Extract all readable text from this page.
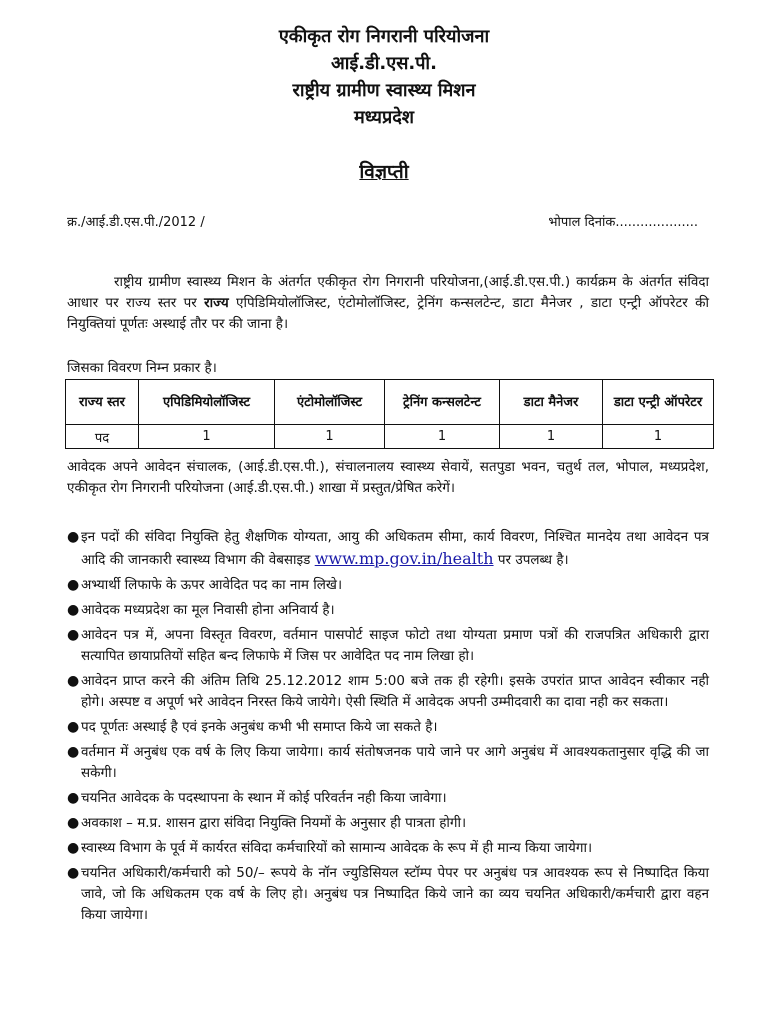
एकीकृत रोग निगरानी परियोजना
आई.डी.एस.पी.
राष्ट्रीय ग्रामीण स्वास्थ्य मिशन
मध्यप्रदेश
विज्ञप्ती
क्र./आई.डी.एस.पी./2012 /	भोपाल दिनांक....................
राष्ट्रीय ग्रामीण स्वास्थ्य मिशन के अंतर्गत एकीकृत रोग निगरानी परियोजना,(आई.डी.एस.पी.) कार्यक्रम के अंतर्गत संविदा आधार पर राज्य स्तर पर राज्य एपिडिमियोलॉजिस्ट, एंटोमोलॉजिस्ट, ट्रेनिंग कन्सलटेन्ट, डाटा मैनेजर , डाटा एन्ट्री ऑपरेटर की नियुक्तियां पूर्णतः अस्थाई तौर पर की जाना है।
जिसका विवरण निम्न प्रकार है।
राज्य स्तर	एपिडिमियोलॉजिस्ट	एंटोमोलॉजिस्ट	ट्रेनिंग कन्सलटेन्ट	डाटा मैनेजर	डाटा एन्ट्री ऑपरेटर
पद	1	1	1	1	1
आवेदक अपने आवेदन संचालक, (आई.डी.एस.पी.), संचालनालय स्वास्थ्य सेवायें, सतपुडा भवन, चतुर्थ तल, भोपाल, मध्यप्रदेश, एकीकृत रोग निगरानी परियोजना (आई.डी.एस.पी.) शाखा में प्रस्तुत/प्रेषित करेगें।
● इन पदों की संविदा नियुक्ति हेतु शैक्षणिक योग्यता, आयु की अधिकतम सीमा, कार्य विवरण, निश्चित मानदेय तथा आवेदन पत्र आदि की जानकारी स्वास्थ्य विभाग की वेबसाइड www.mp.gov.in/health पर उपलब्ध है।
● अभ्यार्थी लिफाफे के ऊपर आवेदित पद का नाम लिखे।
● आवेदक मध्यप्रदेश का मूल निवासी होना अनिवार्य है।
● आवेदन पत्र में, अपना विस्तृत विवरण, वर्तमान पासपोर्ट साइज फोटो तथा योग्यता प्रमाण पत्रों की राजपत्रित अधिकारी द्वारा सत्यापित छायाप्रतियों सहित बन्द लिफाफे में जिस पर आवेदित पद नाम लिखा हो।
● आवेदन प्राप्त करने की अंतिम तिथि 25.12.2012 शाम 5:00 बजे तक ही रहेगी। इसके उपरांत प्राप्त आवेदन स्वीकार नही होगे। अस्पष्ट व अपूर्ण भरे आवेदन निरस्त किये जायेगे। ऐसी स्थिति में आवेदक अपनी उम्मीदवारी का दावा नही कर सकता।
● पद पूर्णतः अस्थाई है एवं इनके अनुबंध कभी भी समाप्त किये जा सकते है।
● वर्तमान में अनुबंध एक वर्ष के लिए किया जायेगा। कार्य संतोषजनक पाये जाने पर आगे अनुबंध में आवश्यकतानुसार वृद्धि की जा सकेगी।
● चयनित आवेदक के पदस्थापना के स्थान में कोई परिवर्तन नही किया जावेगा।
● अवकाश – म.प्र. शासन द्वारा संविदा नियुक्ति नियमों के अनुसार ही पात्रता होगी।
● स्वास्थ्य विभाग के पूर्व में कार्यरत संविदा कर्मचारियों को सामान्य आवेदक के रूप में ही मान्य किया जायेगा।
● चयनित अधिकारी/कर्मचारी को 50/– रूपये के नॉन ज्युडिसियल स्टॉम्प पेपर पर अनुबंध पत्र आवश्यक रूप से निष्पादित किया जावे, जो कि अधिकतम एक वर्ष के लिए हो। अनुबंध पत्र निष्पादित किये जाने का व्यय चयनित अधिकारी/कर्मचारी द्वारा वहन किया जायेगा।
